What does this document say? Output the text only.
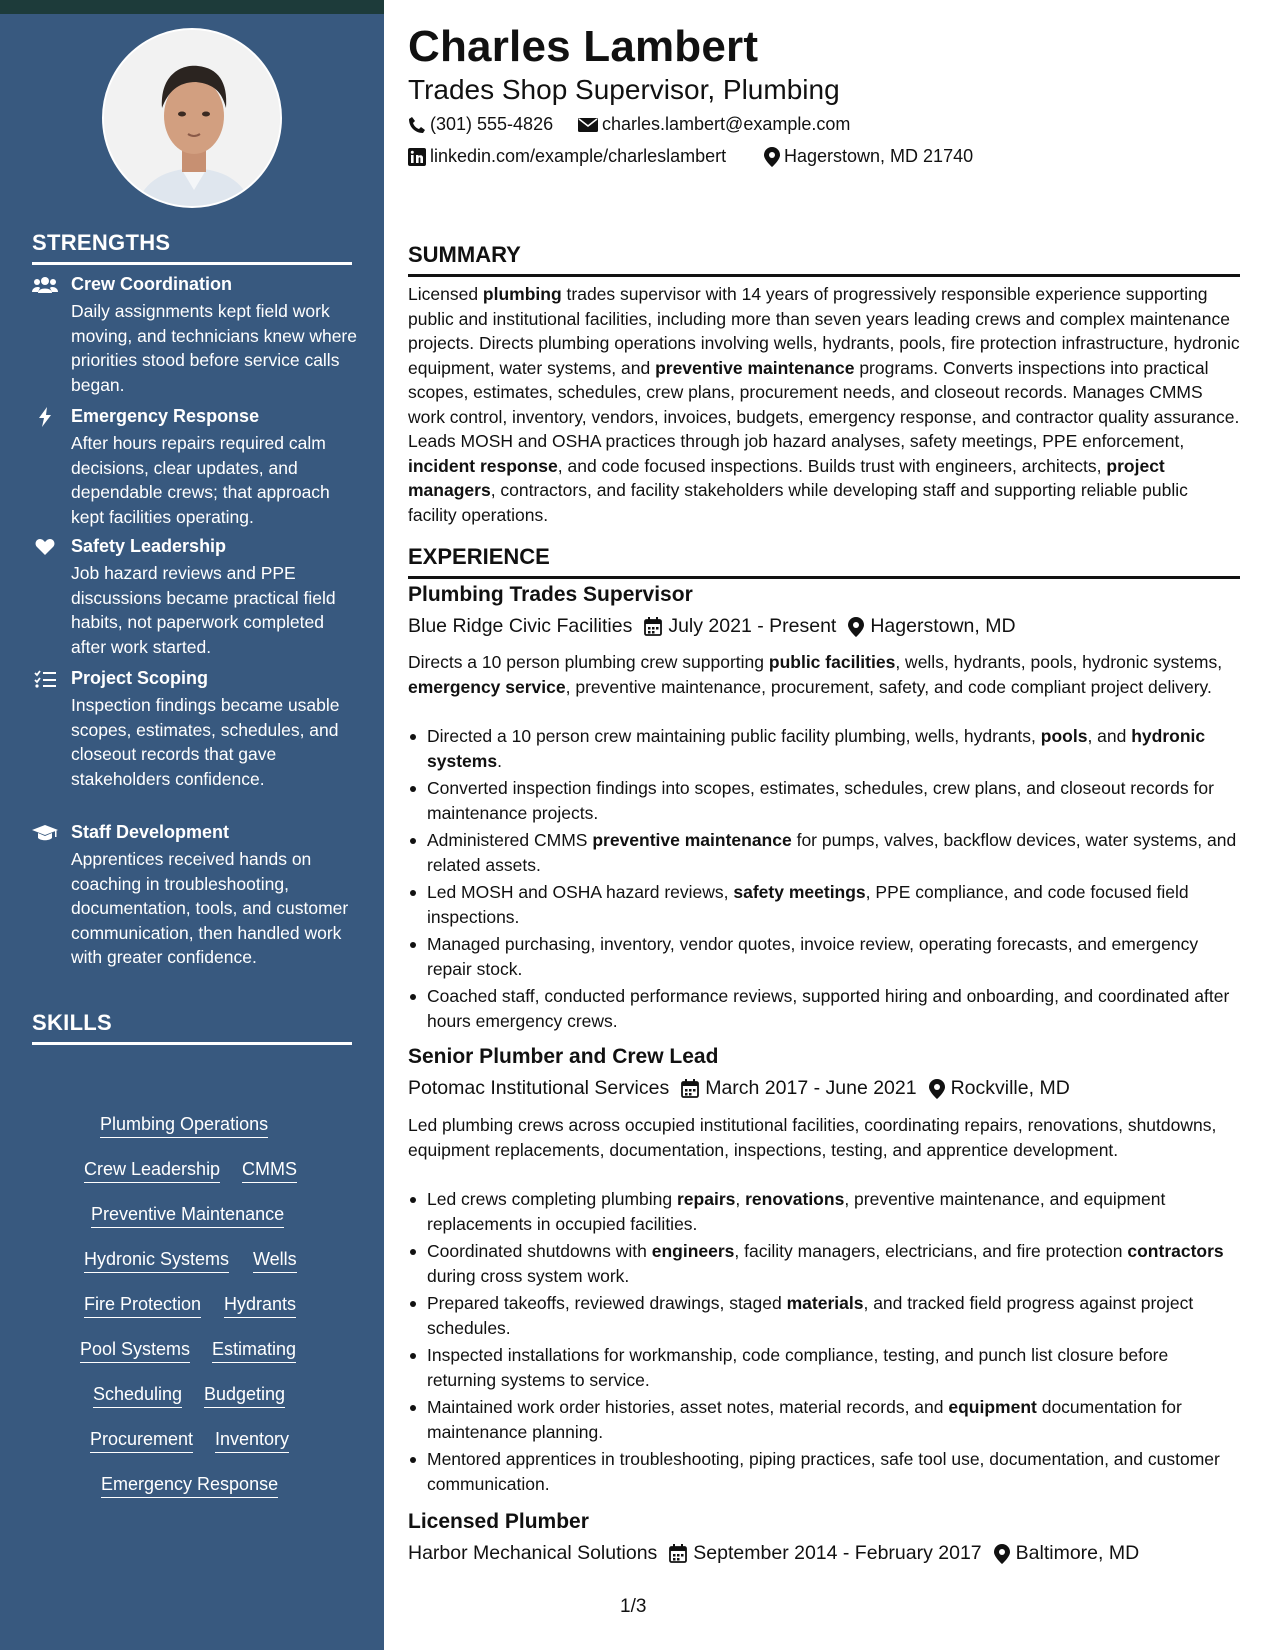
STRENGTHS
Crew Coordination
Daily assignments kept field work moving, and technicians knew where priorities stood before service calls began.
Emergency Response
After hours repairs required calm decisions, clear updates, and dependable crews; that approach kept facilities operating.
Safety Leadership
Job hazard reviews and PPE discussions became practical field habits, not paperwork completed after work started.
Project Scoping
Inspection findings became usable scopes, estimates, schedules, and closeout records that gave stakeholders confidence.
Staff Development
Apprentices received hands on coaching in troubleshooting, documentation, tools, and customer communication, then handled work with greater confidence.
SKILLS
Plumbing Operations
Crew Leadership CMMS
Preventive Maintenance
Hydronic Systems Wells
Fire Protection Hydrants
Pool Systems Estimating
Scheduling Budgeting
Procurement Inventory
Emergency Response
Charles Lambert
Trades Shop Supervisor, Plumbing
(301) 555-4826	charles.lambert@example.com
linkedin.com/example/charleslambert	Hagerstown, MD 21740
SUMMARY
Licensed plumbing trades supervisor with 14 years of progressively responsible experience supporting public and institutional facilities, including more than seven years leading crews and complex maintenance projects. Directs plumbing operations involving wells, hydrants, pools, fire protection infrastructure, hydronic equipment, water systems, and preventive maintenance programs. Converts inspections into practical scopes, estimates, schedules, crew plans, procurement needs, and closeout records. Manages CMMS work control, inventory, vendors, invoices, budgets, emergency response, and contractor quality assurance. Leads MOSH and OSHA practices through job hazard analyses, safety meetings, PPE enforcement, incident response, and code focused inspections. Builds trust with engineers, architects, project managers, contractors, and facility stakeholders while developing staff and supporting reliable public facility operations.
EXPERIENCE
Plumbing Trades Supervisor
Blue Ridge Civic Facilities July 2021 - Present Hagerstown, MD
Directs a 10 person plumbing crew supporting public facilities, wells, hydrants, pools, hydronic systems, emergency service, preventive maintenance, procurement, safety, and code compliant project delivery.
Directed a 10 person crew maintaining public facility plumbing, wells, hydrants, pools, and hydronic systems.
Converted inspection findings into scopes, estimates, schedules, crew plans, and closeout records for maintenance projects.
Administered CMMS preventive maintenance for pumps, valves, backflow devices, water systems, and related assets.
Led MOSH and OSHA hazard reviews, safety meetings, PPE compliance, and code focused field inspections.
Managed purchasing, inventory, vendor quotes, invoice review, operating forecasts, and emergency repair stock.
Coached staff, conducted performance reviews, supported hiring and onboarding, and coordinated after hours emergency crews.
Senior Plumber and Crew Lead
Potomac Institutional Services March 2017 - June 2021 Rockville, MD
Led plumbing crews across occupied institutional facilities, coordinating repairs, renovations, shutdowns, equipment replacements, documentation, inspections, testing, and apprentice development.
Led crews completing plumbing repairs, renovations, preventive maintenance, and equipment replacements in occupied facilities.
Coordinated shutdowns with engineers, facility managers, electricians, and fire protection contractors during cross system work.
Prepared takeoffs, reviewed drawings, staged materials, and tracked field progress against project schedules.
Inspected installations for workmanship, code compliance, testing, and punch list closure before returning systems to service.
Maintained work order histories, asset notes, material records, and equipment documentation for maintenance planning.
Mentored apprentices in troubleshooting, piping practices, safe tool use, documentation, and customer communication.
Licensed Plumber
Harbor Mechanical Solutions September 2014 - February 2017 Baltimore, MD
1/3
